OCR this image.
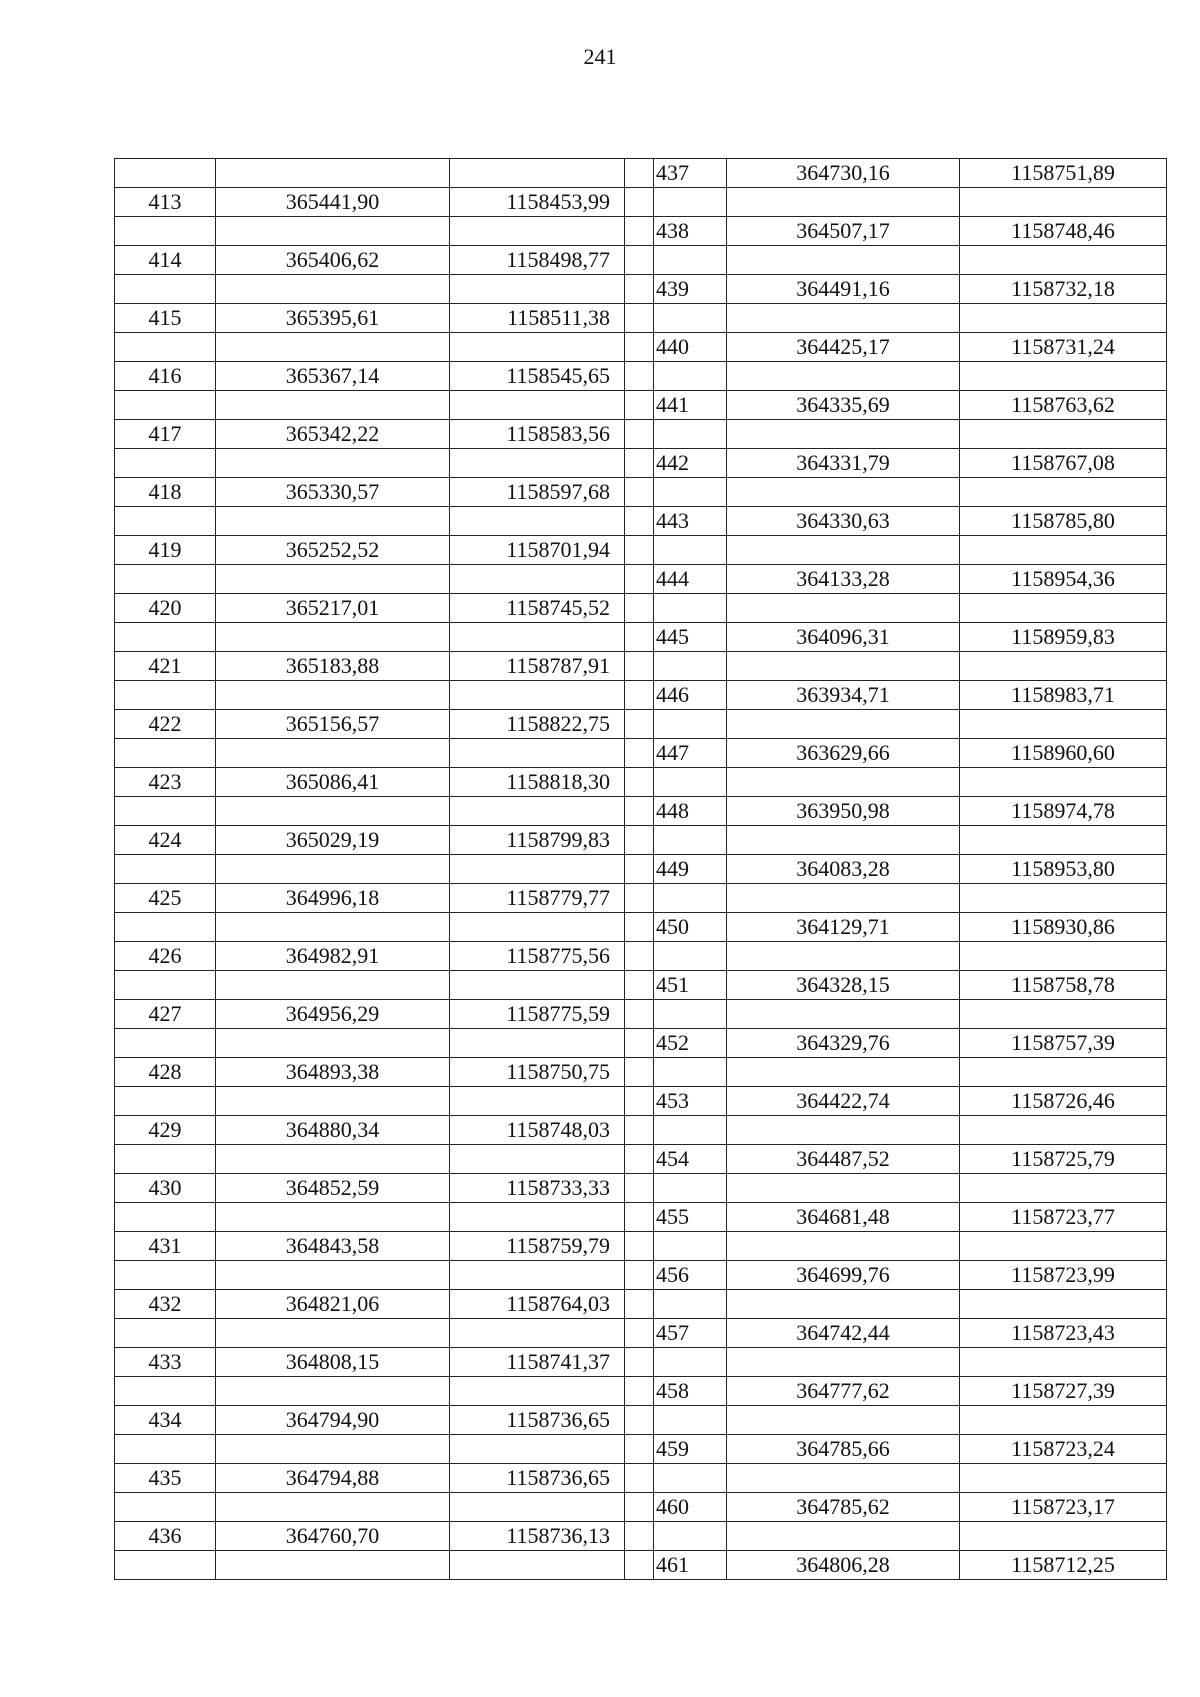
241
				437	364730,16	1158751,89
413	365441,90	1158453,99				
				438	364507,17	1158748,46
414	365406,62	1158498,77				
				439	364491,16	1158732,18
415	365395,61	1158511,38				
				440	364425,17	1158731,24
416	365367,14	1158545,65				
				441	364335,69	1158763,62
417	365342,22	1158583,56				
				442	364331,79	1158767,08
418	365330,57	1158597,68				
				443	364330,63	1158785,80
419	365252,52	1158701,94				
				444	364133,28	1158954,36
420	365217,01	1158745,52				
				445	364096,31	1158959,83
421	365183,88	1158787,91				
				446	363934,71	1158983,71
422	365156,57	1158822,75				
				447	363629,66	1158960,60
423	365086,41	1158818,30				
				448	363950,98	1158974,78
424	365029,19	1158799,83				
				449	364083,28	1158953,80
425	364996,18	1158779,77				
				450	364129,71	1158930,86
426	364982,91	1158775,56				
				451	364328,15	1158758,78
427	364956,29	1158775,59				
				452	364329,76	1158757,39
428	364893,38	1158750,75				
				453	364422,74	1158726,46
429	364880,34	1158748,03				
				454	364487,52	1158725,79
430	364852,59	1158733,33				
				455	364681,48	1158723,77
431	364843,58	1158759,79				
				456	364699,76	1158723,99
432	364821,06	1158764,03				
				457	364742,44	1158723,43
433	364808,15	1158741,37				
				458	364777,62	1158727,39
434	364794,90	1158736,65				
				459	364785,66	1158723,24
435	364794,88	1158736,65				
				460	364785,62	1158723,17
436	364760,70	1158736,13				
				461	364806,28	1158712,25
